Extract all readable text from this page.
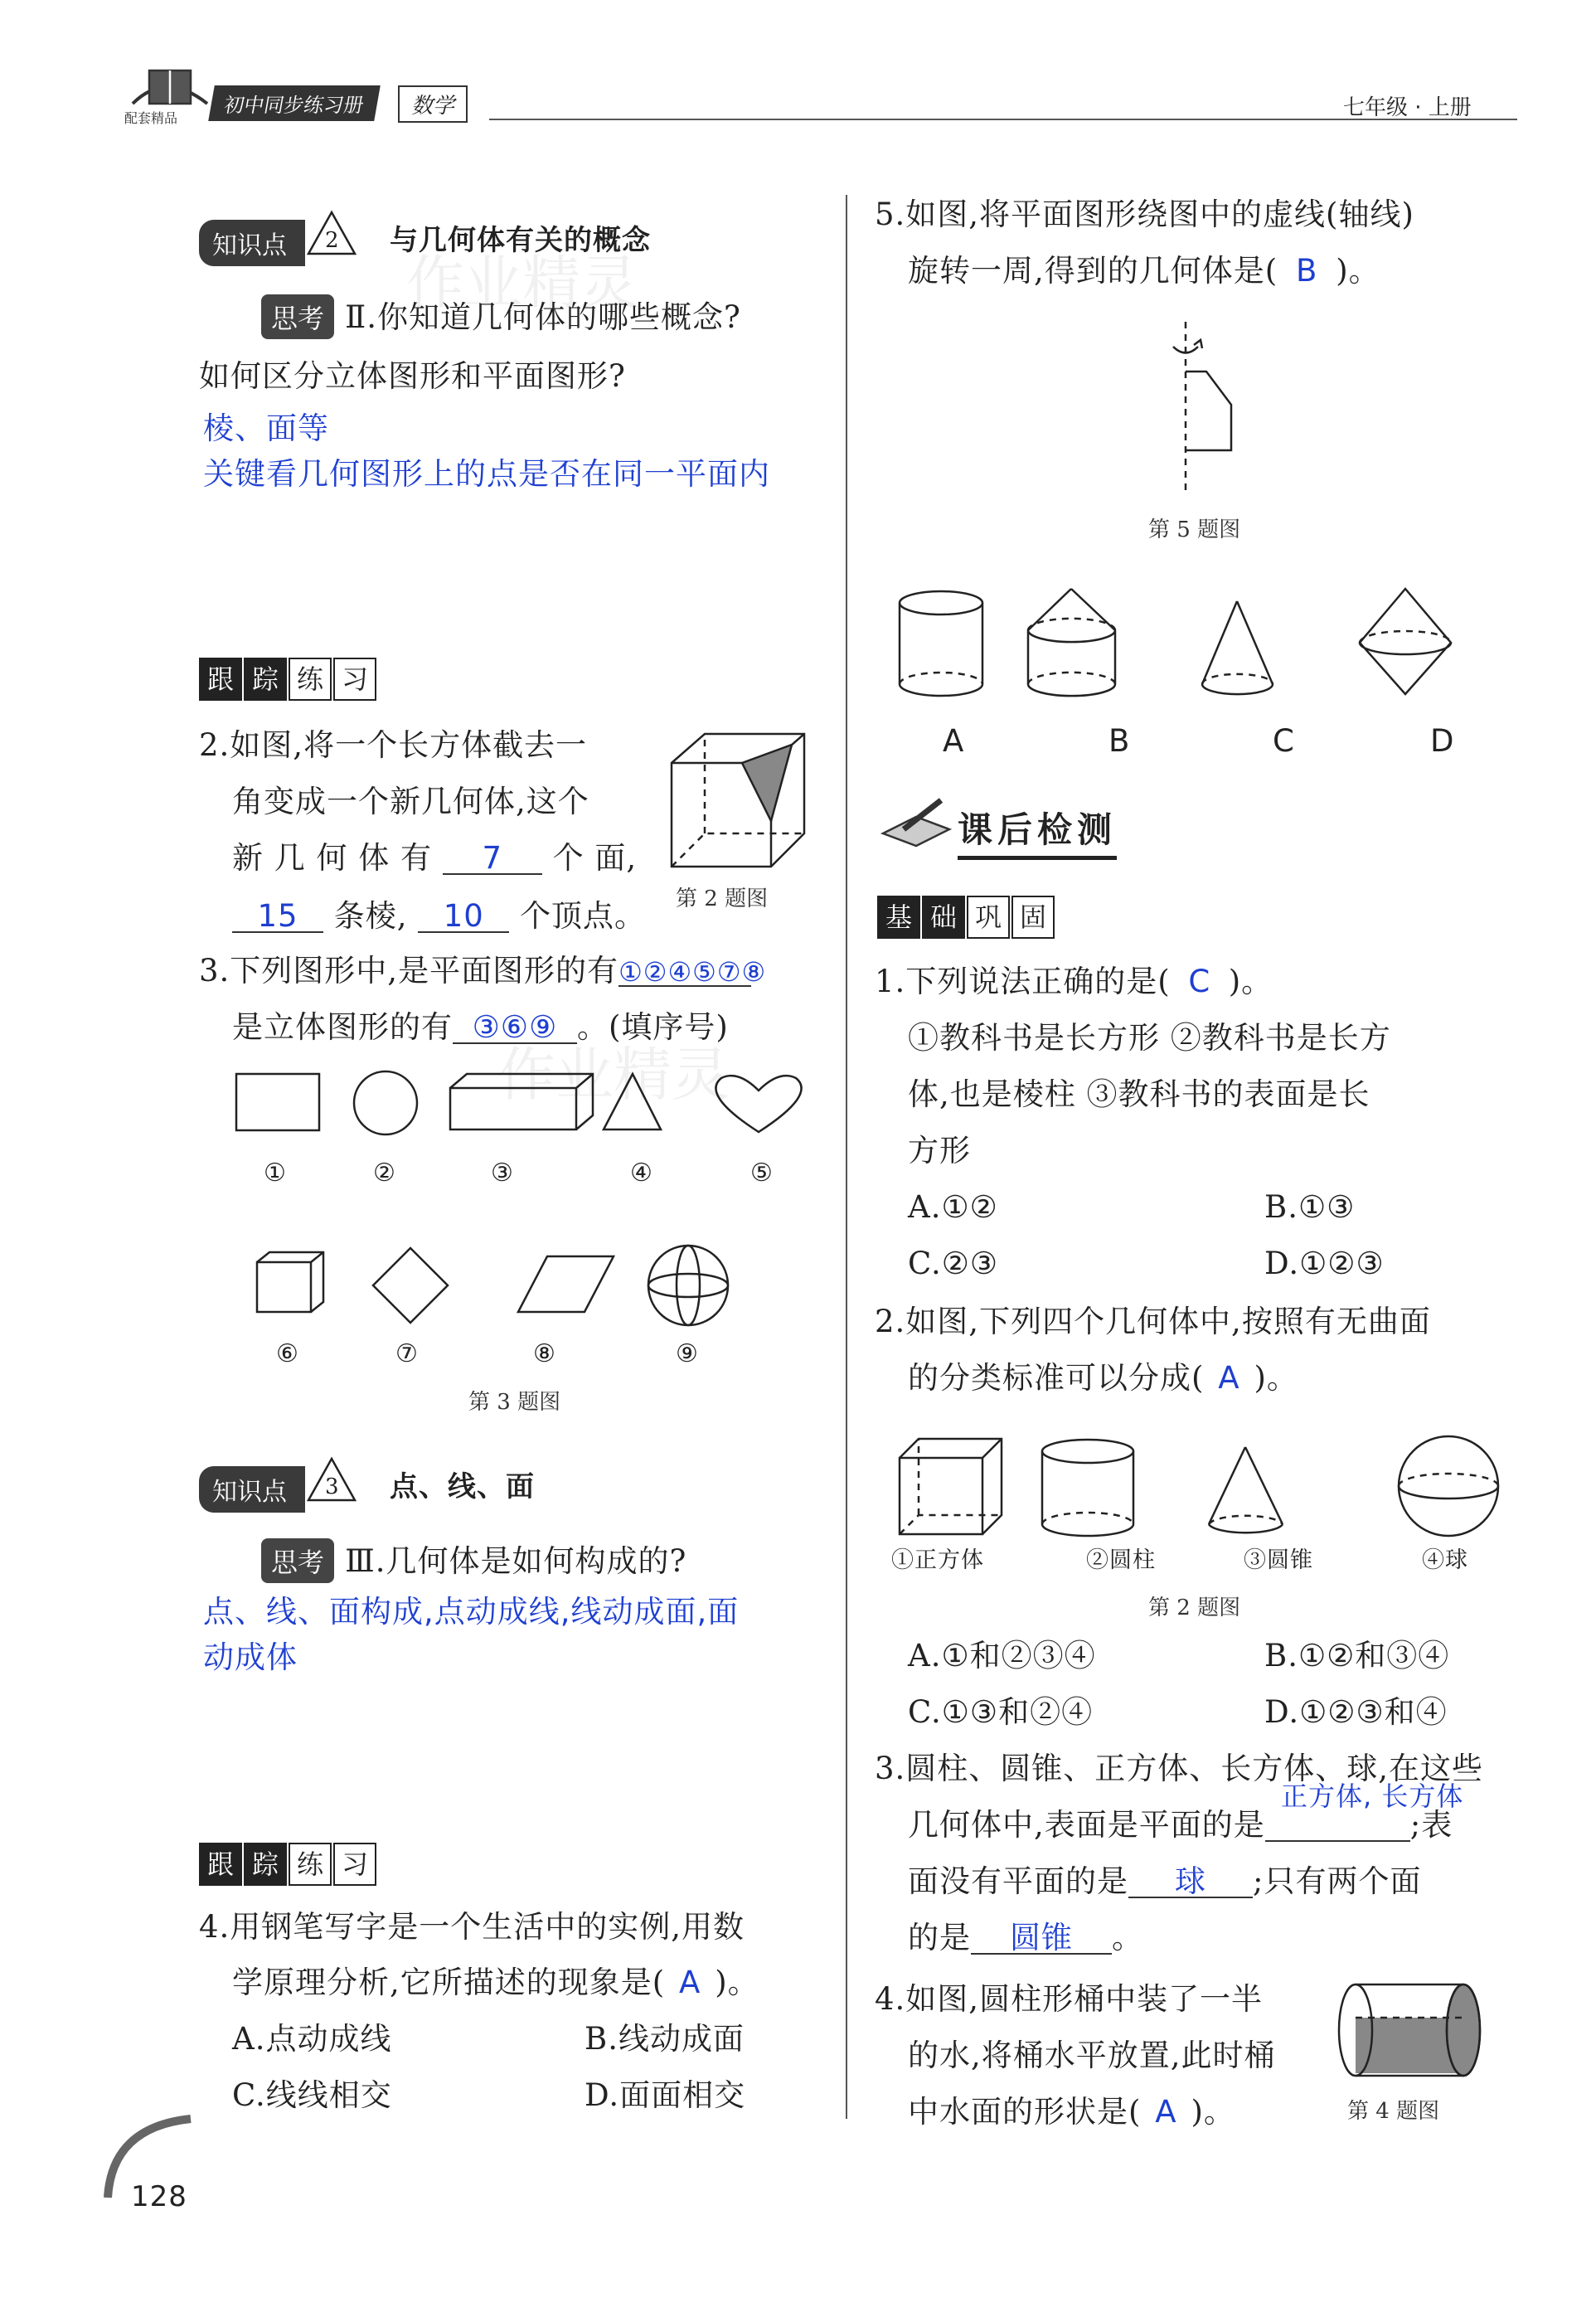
配套精品
初中同步练习册	数学	七年级 · 上册
作业精灵
作业精灵
知识点 2 与几何体有关的概念
思考 Ⅱ.你知道几何体的哪些概念?
如何区分立体图形和平面图形?
棱、面等
关键看几何图形上的点是否在同一平面内
跟 踪 练 习
2.如图,将一个长方体截去一
角变成一个新几何体,这个
新 几 何 体 有 7 个 面,
15 条棱, 10 个顶点。 第 2 题图
3.下列图形中,是平面图形的有①②④⑤⑦⑧
是立体图形的有 ③⑥⑨ 。(填序号)
①	②	③	④	⑤
⑥	⑦	⑧	⑨
第 3 题图
知识点 3 点、线、面
思考 Ⅲ.几何体是如何构成的?
点、线、面构成,点动成线,线动成面,面
动成体
跟 踪 练 习
4.用钢笔写字是一个生活中的实例,用数
学原理分析,它所描述的现象是( A )。
A.点动成线	B.线动成面
C.线线相交	D.面面相交
128
5.如图,将平面图形绕图中的虚线(轴线)
旋转一周,得到的几何体是( B )。
第 5 题图
A	B	C	D
课后检测
基 础 巩 固
1.下列说法正确的是( C )。
①教科书是长方形 ②教科书是长方
体,也是棱柱 ③教科书的表面是长
方形
A.①②	B.①③
C.②③	D.①②③
2.如图,下列四个几何体中,按照有无曲面
的分类标准可以分成( A )。
①正方体	②圆柱	③圆锥	④球
第 2 题图
A.①和②③④	B.①②和③④
C.①③和②④	D.①②③和④
3.圆柱、圆锥、正方体、长方体、球,在这些
正方体, 长方体
几何体中,表面是平面的是	;表
面没有平面的是 球 ;只有两个面
的是 圆锥 。
4.如图,圆柱形桶中装了一半
的水,将桶水平放置,此时桶
中水面的形状是( A )。	第 4 题图
